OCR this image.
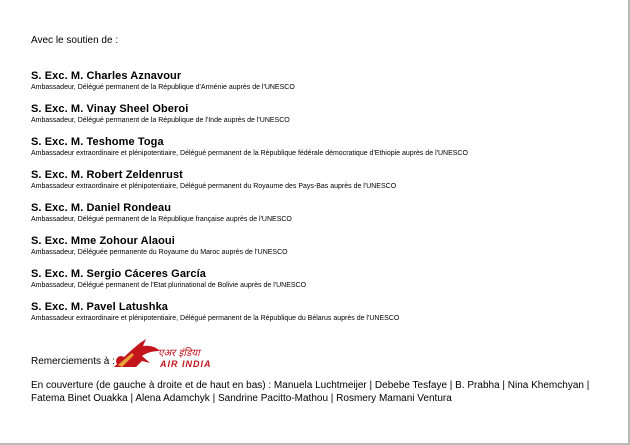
Avec le soutien de :
S. Exc. M. Charles Aznavour
Ambassadeur, Délégué permanent de la République d'Arménie auprès de l'UNESCO
S. Exc. M. Vinay Sheel Oberoi
Ambassadeur, Délégué permanent de la République de l'Inde auprès de l'UNESCO
S. Exc. M. Teshome Toga
Ambassadeur extraordinaire et plénipotentiaire, Délégué permanent de la République fédérale démocratique d'Ethiopie auprès de l'UNESCO
S. Exc. M. Robert Zeldenrust
Ambassadeur extraordinaire et plénipotentiaire, Délégué permanent du Royaume des Pays-Bas auprès de l'UNESCO
S. Exc. M. Daniel Rondeau
Ambassadeur, Délégué permanent de la République française auprès de l'UNESCO
S. Exc. Mme Zohour Alaoui
Ambassadeur, Déléguée permanente du Royaume du Maroc auprès de l'UNESCO
S. Exc. M. Sergio Cáceres García
Ambassadeur, Délégué permanent de l'Etat plurinational de Bolivie auprès de l'UNESCO
S. Exc. M. Pavel Latushka
Ambassadeur extraordinaire et plénipotentiaire, Délégué permanent de la République du Bélarus auprès de l'UNESCO
Remerciements à :
एअर इंडिया
AIR INDIA
En couverture (de gauche à droite et de haut en bas) : Manuela Luchtmeijer | Debebe Tesfaye | B. Prabha | Nina Khemchyan | Fatema Binet Ouakka | Alena Adamchyk | Sandrine Pacitto-Mathou | Rosmery Mamani Ventura
